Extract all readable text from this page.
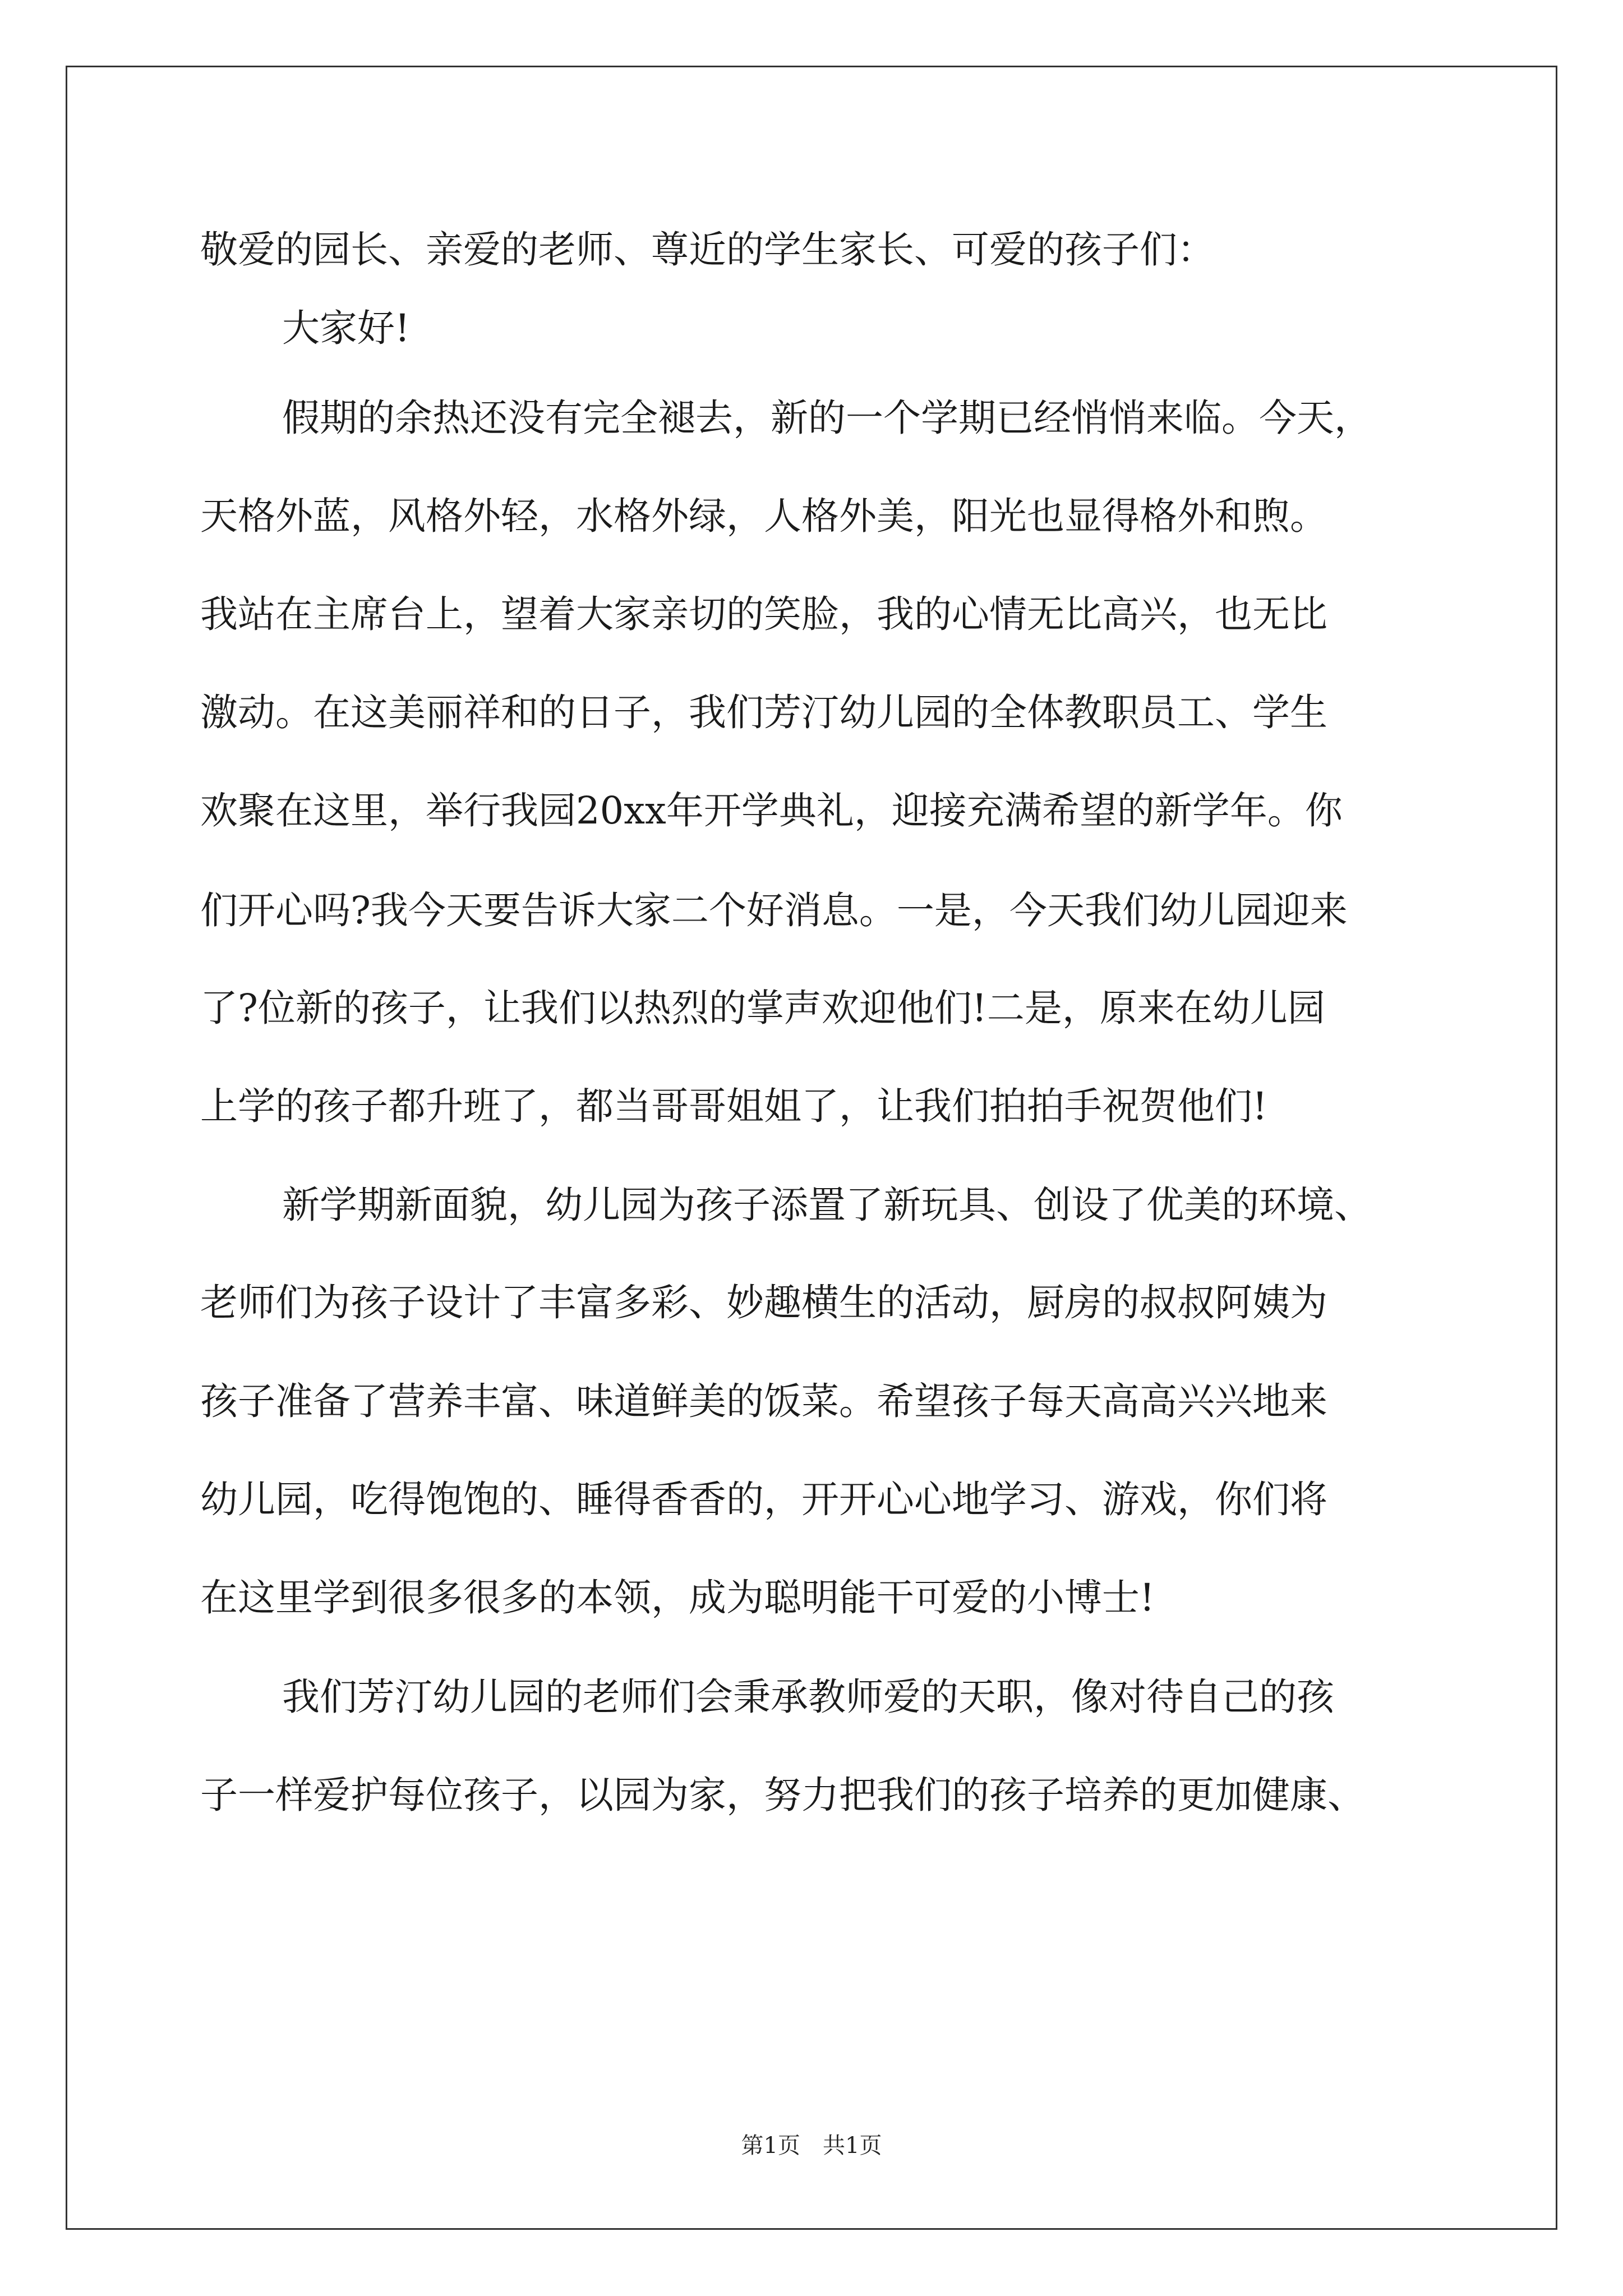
敬爱的园长、亲爱的老师、尊近的学生家长、可爱的孩子们：
大家好!
假期的余热还没有完全褪去，新的一个学期已经悄悄来临。今天，
天格外蓝，风格外轻，水格外绿，人格外美，阳光也显得格外和煦。
我站在主席台上，望着大家亲切的笑脸，我的心情无比高兴，也无比
激动。在这美丽祥和的日子，我们芳汀幼儿园的全体教职员工、学生
欢聚在这里，举行我园20xx年开学典礼，迎接充满希望的新学年。你
们开心吗?我今天要告诉大家二个好消息。一是，今天我们幼儿园迎来
了?位新的孩子，让我们以热烈的掌声欢迎他们!二是，原来在幼儿园
上学的孩子都升班了，都当哥哥姐姐了，让我们拍拍手祝贺他们!
新学期新面貌，幼儿园为孩子添置了新玩具、创设了优美的环境、
老师们为孩子设计了丰富多彩、妙趣横生的活动，厨房的叔叔阿姨为
孩子准备了营养丰富、味道鲜美的饭菜。希望孩子每天高高兴兴地来
幼儿园，吃得饱饱的、睡得香香的，开开心心地学习、游戏，你们将
在这里学到很多很多的本领，成为聪明能干可爱的小博士!
我们芳汀幼儿园的老师们会秉承教师爱的天职，像对待自己的孩
子一样爱护每位孩子，以园为家，努力把我们的孩子培养的更加健康、
第1页 共1页
